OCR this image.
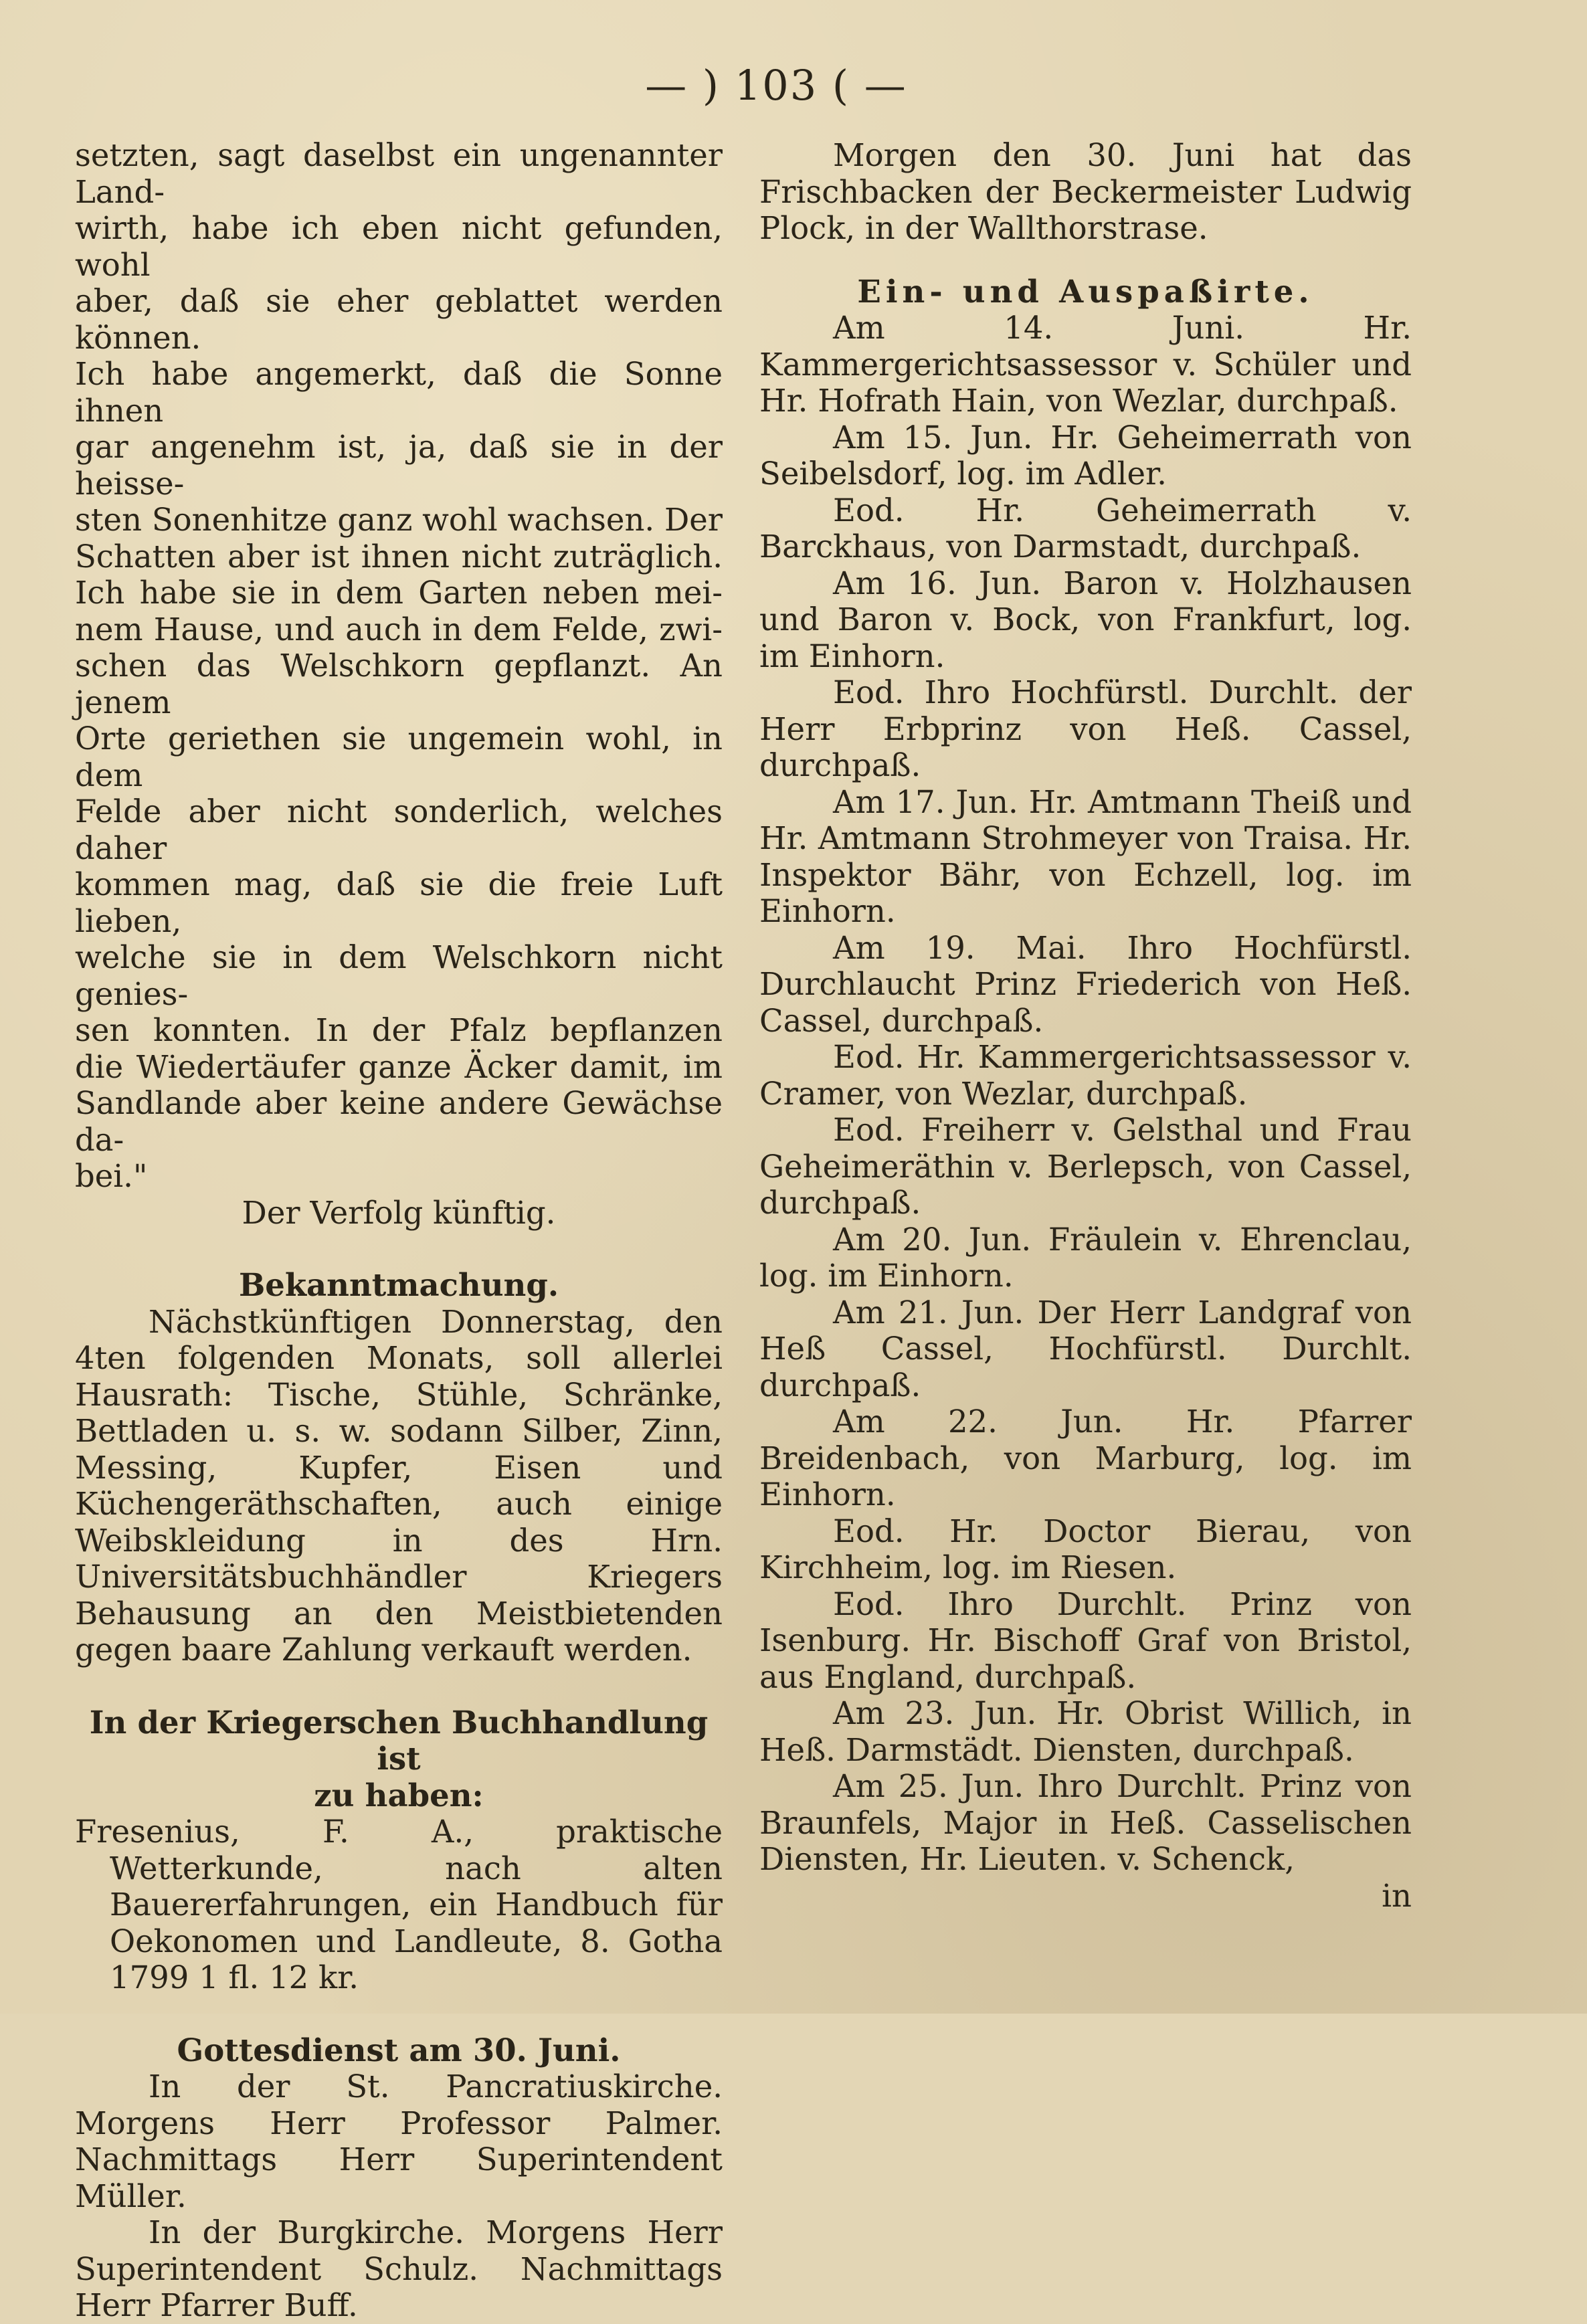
— ) 103 ( —

setzten, sagt daselbst ein ungenannter Land-

wirth, habe ich eben nicht gefunden, wohl

aber, daß sie eher geblattet werden können.

Ich habe angemerkt, daß die Sonne ihnen

gar angenehm ist, ja, daß sie in der heisse-

sten Sonenhitze ganz wohl wachsen. Der

Schatten aber ist ihnen nicht zuträglich.

Ich habe sie in dem Garten neben mei-

nem Hause, und auch in dem Felde, zwi-

schen das Welschkorn gepflanzt. An jenem

Orte geriethen sie ungemein wohl, in dem

Felde aber nicht sonderlich, welches daher

kommen mag, daß sie die freie Luft lieben,

welche sie in dem Welschkorn nicht genies-

sen konnten. In der Pfalz bepflanzen

die Wiedertäufer ganze Äcker damit, im

Sandlande aber keine andere Gewächse da-

bei."

Der Verfolg künftig.

Bekanntmachung.

Nächstkünftigen Donnerstag, den 4ten folgenden Monats, soll allerlei Hausrath: Tische, Stühle, Schränke, Bettladen u. s. w. sodann Silber, Zinn, Messing, Kupfer, Eisen und Küchengeräthschaften, auch einige Weibskleidung in des Hrn. Universitätsbuchhändler Kriegers Behausung an den Meistbietenden gegen baare Zahlung verkauft werden.

In der Kriegerschen Buchhandlung ist

zu haben:

Fresenius, F. A., praktische Wetterkunde, nach alten Bauererfahrungen, ein Handbuch für Oekonomen und Landleute, 8. Gotha 1799 1 fl. 12 kr.

Gottesdienst am 30. Juni.

In der St. Pancratiuskirche. Morgens Herr Professor Palmer. Nachmittags Herr Superintendent Müller.

In der Burgkirche. Morgens Herr Superintendent Schulz. Nachmittags Herr Pfarrer Buff.

Morgen den 30. Juni hat das Frischbacken der Beckermeister Ludwig Plock, in der Wallthorstrase.

Ein- und Auspaßirte.

Am 14. Juni. Hr. Kammergerichtsassessor v. Schüler und Hr. Hofrath Hain, von Wezlar, durchpaß.

Am 15. Jun. Hr. Geheimerrath von Seibelsdorf, log. im Adler.

Eod. Hr. Geheimerrath v. Barckhaus, von Darmstadt, durchpaß.

Am 16. Jun. Baron v. Holzhausen und Baron v. Bock, von Frankfurt, log. im Einhorn.

Eod. Ihro Hochfürstl. Durchlt. der Herr Erbprinz von Heß. Cassel, durchpaß.

Am 17. Jun. Hr. Amtmann Theiß und Hr. Amtmann Strohmeyer von Traisa. Hr. Inspektor Bähr, von Echzell, log. im Einhorn.

Am 19. Mai. Ihro Hochfürstl. Durchlaucht Prinz Friederich von Heß. Cassel, durchpaß.

Eod. Hr. Kammergerichtsassessor v. Cramer, von Wezlar, durchpaß.

Eod. Freiherr v. Gelsthal und Frau Geheimeräthin v. Berlepsch, von Cassel, durchpaß.

Am 20. Jun. Fräulein v. Ehrenclau, log. im Einhorn.

Am 21. Jun. Der Herr Landgraf von Heß Cassel, Hochfürstl. Durchlt. durchpaß.

Am 22. Jun. Hr. Pfarrer Breidenbach, von Marburg, log. im Einhorn.

Eod. Hr. Doctor Bierau, von Kirchheim, log. im Riesen.

Eod. Ihro Durchlt. Prinz von Isenburg. Hr. Bischoff Graf von Bristol, aus England, durchpaß.

Am 23. Jun. Hr. Obrist Willich, in Heß. Darmstädt. Diensten, durchpaß.

Am 25. Jun. Ihro Durchlt. Prinz von Braunfels, Major in Heß. Casselischen Diensten, Hr. Lieuten. v. Schenck,

in
